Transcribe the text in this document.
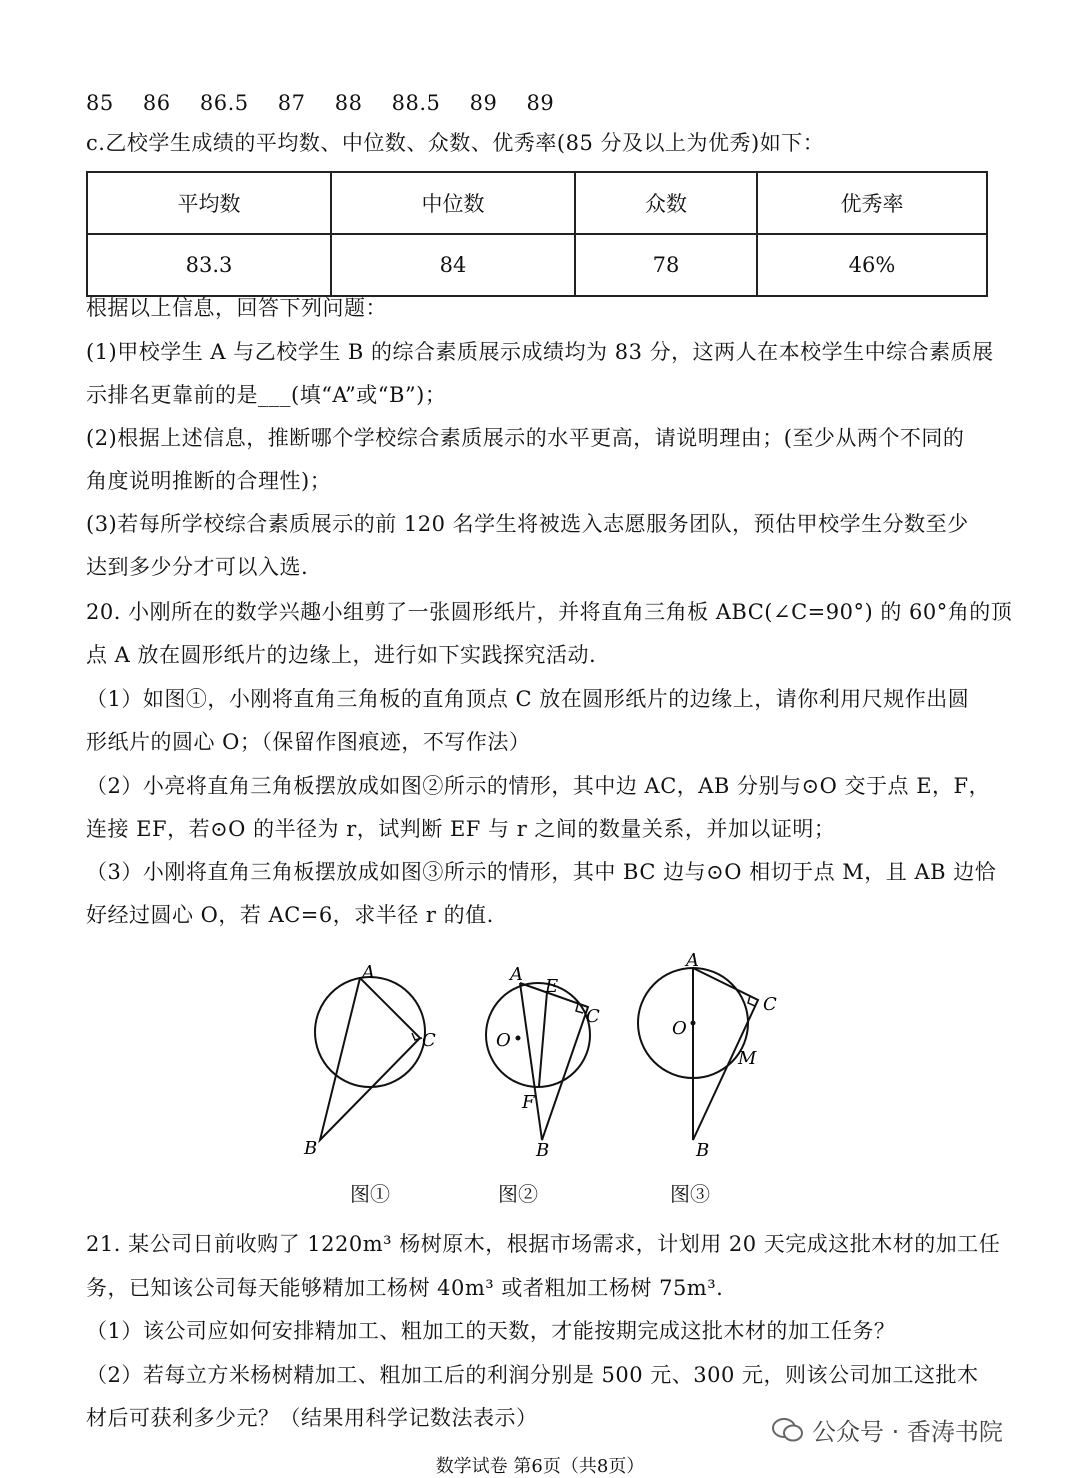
85 86 86.5 87 88 88.5 89 89
c.乙校学生成绩的平均数、中位数、众数、优秀率(85 分及以上为优秀)如下：
平均数	中位数	众数	优秀率
83.3	84	78	46%
根据以上信息，回答下列问题：
(1)甲校学生 A 与乙校学生 B 的综合素质展示成绩均为 83 分，这两人在本校学生中综合素质展
示排名更靠前的是___(填“A”或“B”)；
(2)根据上述信息，推断哪个学校综合素质展示的水平更高，请说明理由；(至少从两个不同的
角度说明推断的合理性)；
(3)若每所学校综合素质展示的前 120 名学生将被选入志愿服务团队，预估甲校学生分数至少
达到多少分才可以入选.
20. 小刚所在的数学兴趣小组剪了一张圆形纸片，并将直角三角板 ABC(∠C=90°) 的 60°角的顶
点 A 放在圆形纸片的边缘上，进行如下实践探究活动.
（1）如图①，小刚将直角三角板的直角顶点 C 放在圆形纸片的边缘上，请你利用尺规作出圆
形纸片的圆心 O；（保留作图痕迹，不写作法）
（2）小亮将直角三角板摆放成如图②所示的情形，其中边 AC，AB 分别与⊙O 交于点 E，F，
连接 EF，若⊙O 的半径为 r，试判断 EF 与 r 之间的数量关系，并加以证明；
（3）小刚将直角三角板摆放成如图③所示的情形，其中 BC 边与⊙O 相切于点 M，且 AB 边恰
好经过圆心 O，若 AC=6，求半径 r 的值.
A
C
B
A
E
C
O
F
B
A
C
O
M
B
图①	图②	图③
21. 某公司日前收购了 1220m³ 杨树原木，根据市场需求，计划用 20 天完成这批木材的加工任
务，已知该公司每天能够精加工杨树 40m³ 或者粗加工杨树 75m³.
（1）该公司应如何安排精加工、粗加工的天数，才能按期完成这批木材的加工任务？
（2）若每立方米杨树精加工、粗加工后的利润分别是 500 元、300 元，则该公司加工这批木
材后可获利多少元？（结果用科学记数法表示）	公众号 · 香涛书院
数学试卷 第6页（共8页）
